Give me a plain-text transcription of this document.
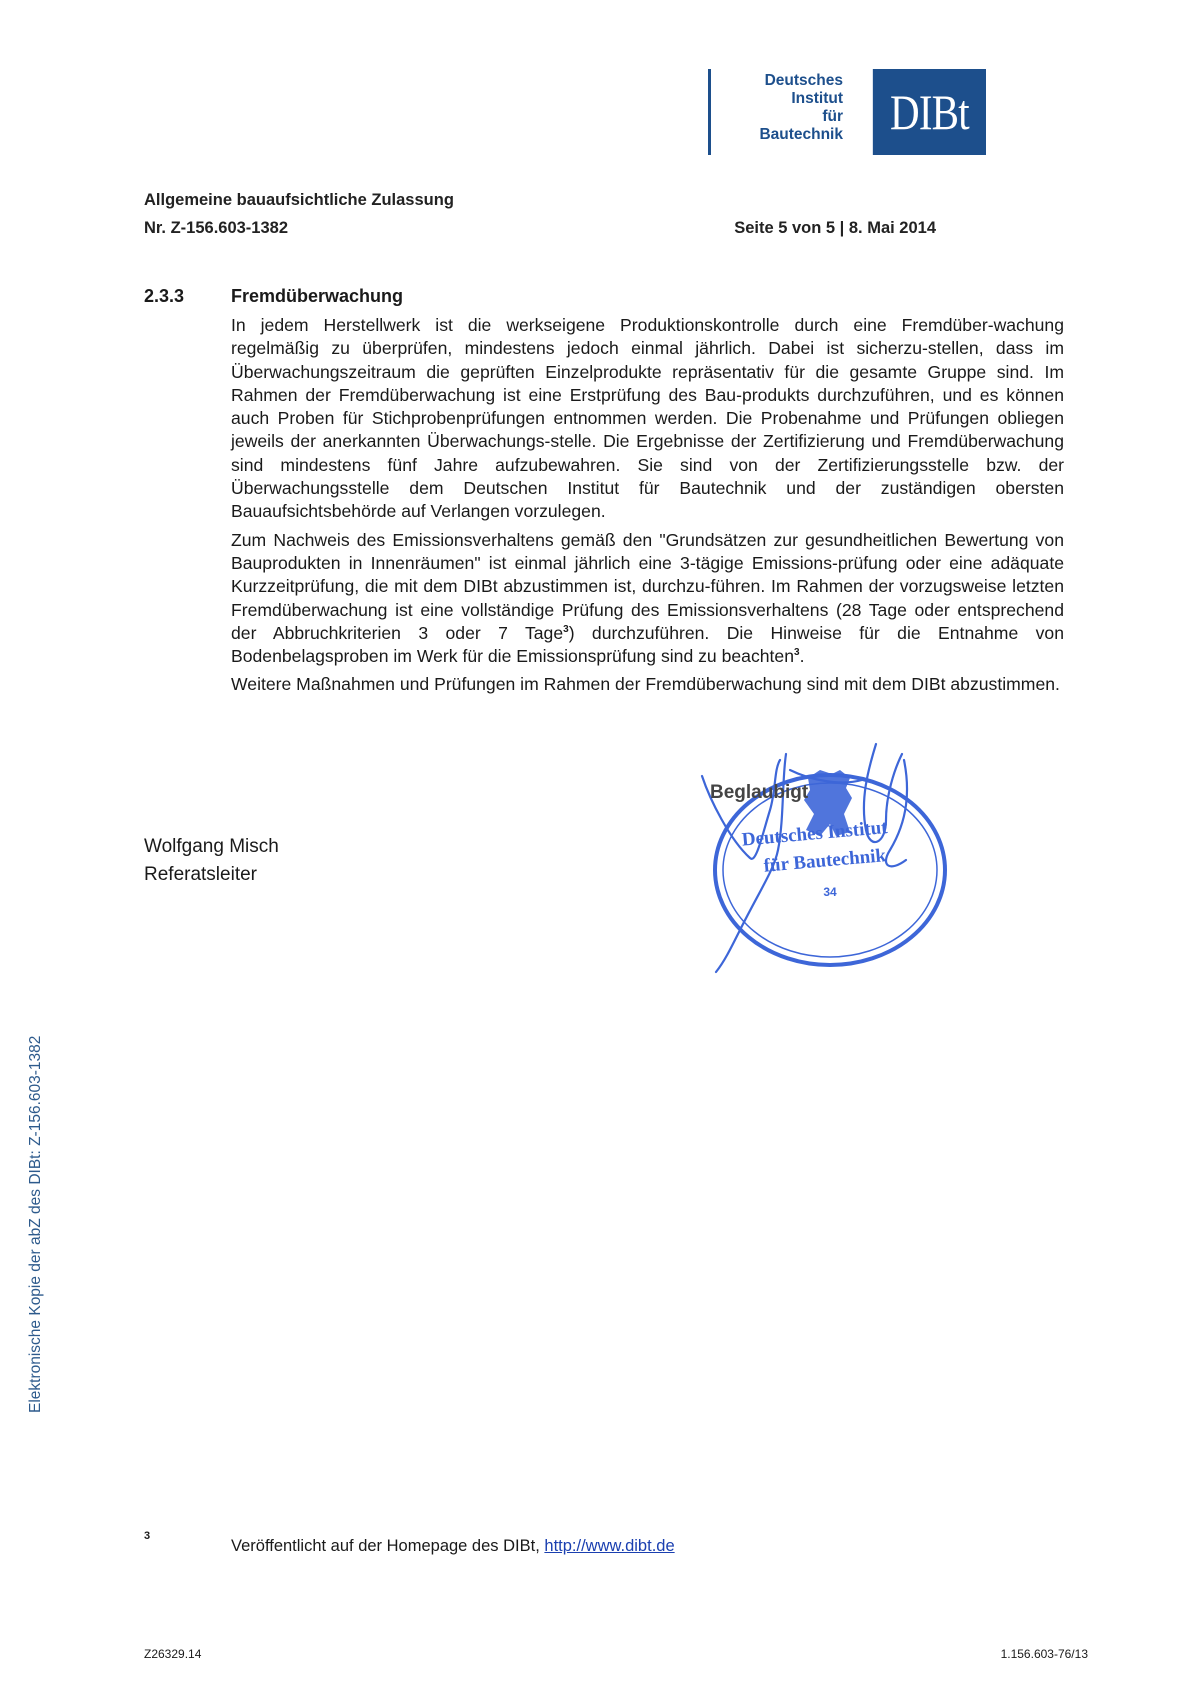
Deutsches
Institut
für
Bautechnik DIBt
Allgemeine bauaufsichtliche Zulassung
Nr. Z-156.603-1382	Seite 5 von 5 | 8. Mai 2014
2.3.3	Fremdüberwachung

In jedem Herstellwerk ist die werkseigene Produktionskontrolle durch eine Fremdüber-wachung regelmäßig zu überprüfen, mindestens jedoch einmal jährlich. Dabei ist sicherzu-stellen, dass im Überwachungszeitraum die geprüften Einzelprodukte repräsentativ für die gesamte Gruppe sind. Im Rahmen der Fremdüberwachung ist eine Erstprüfung des Bau-produkts durchzuführen, und es können auch Proben für Stichprobenprüfungen entnommen werden. Die Probenahme und Prüfungen obliegen jeweils der anerkannten Überwachungs-stelle. Die Ergebnisse der Zertifizierung und Fremdüberwachung sind mindestens fünf Jahre aufzubewahren. Sie sind von der Zertifizierungsstelle bzw. der Überwachungsstelle dem Deutschen Institut für Bautechnik und der zuständigen obersten Bauaufsichtsbehörde auf Verlangen vorzulegen.

Zum Nachweis des Emissionsverhaltens gemäß den "Grundsätzen zur gesundheitlichen Bewertung von Bauprodukten in Innenräumen" ist einmal jährlich eine 3-tägige Emissions-prüfung oder eine adäquate Kurzzeitprüfung, die mit dem DIBt abzustimmen ist, durchzu-führen. Im Rahmen der vorzugsweise letzten Fremdüberwachung ist eine vollständige Prüfung des Emissionsverhaltens (28 Tage oder entsprechend der Abbruchkriterien 3 oder 7 Tage$^3$) durchzuführen. Die Hinweise für die Entnahme von Bodenbelagsproben im Werk für die Emissionsprüfung sind zu beachten$^3$.

Weitere Maßnahmen und Prüfungen im Rahmen der Fremdüberwachung sind mit dem DIBt abzustimmen.

Wolfgang Misch
Referatsleiter
Beglaubigt
Deutsches Institut
für Bautechnik
34
Elektronische Kopie der abZ des DIBt: Z-156.603-1382
3
Veröffentlicht auf der Homepage des DIBt, http://www.dibt.de
Z26329.14	1.156.603-76/13
